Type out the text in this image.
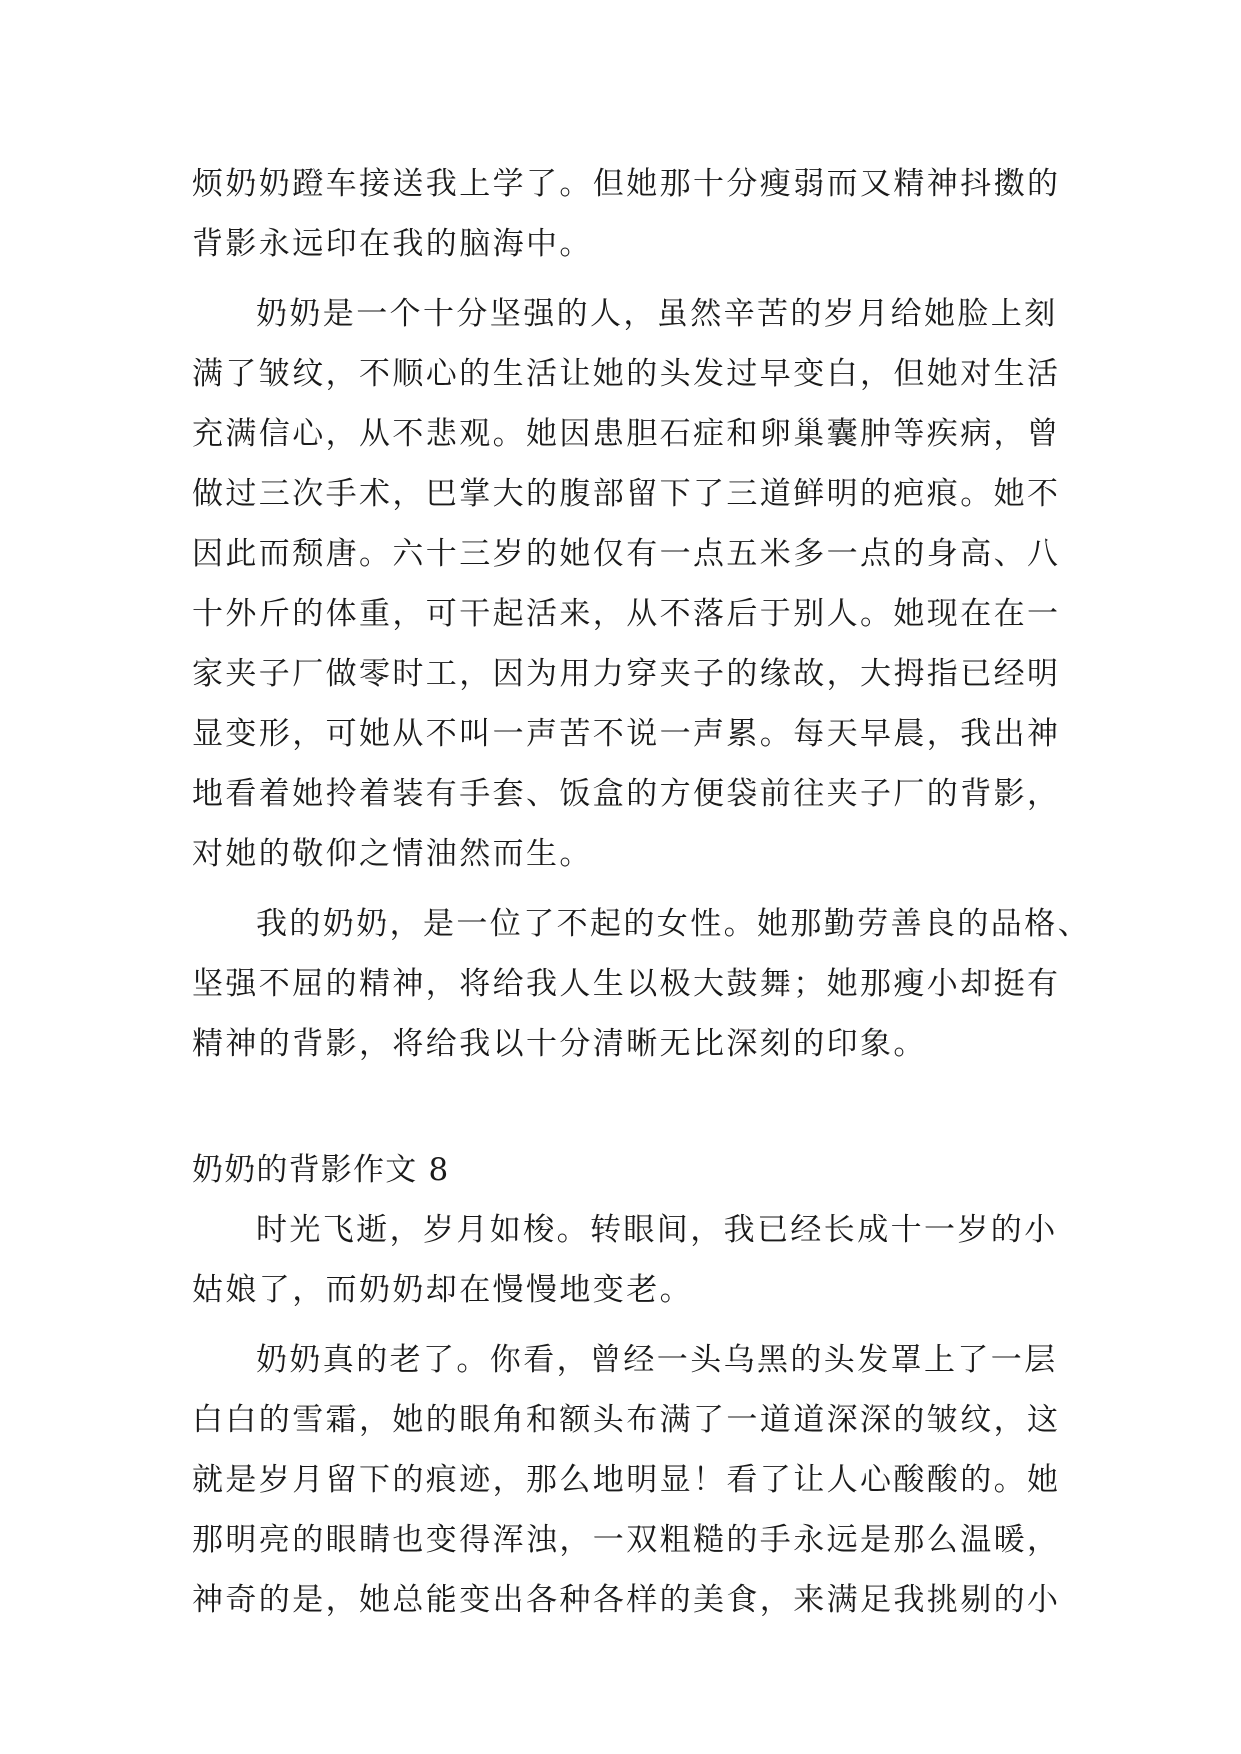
烦奶奶蹬车接送我上学了。但她那十分瘦弱而又精神抖擞的
背影永远印在我的脑海中。
奶奶是一个十分坚强的人，虽然辛苦的岁月给她脸上刻
满了皱纹，不顺心的生活让她的头发过早变白，但她对生活
充满信心，从不悲观。她因患胆石症和卵巢囊肿等疾病，曾
做过三次手术，巴掌大的腹部留下了三道鲜明的疤痕。她不
因此而颓唐。六十三岁的她仅有一点五米多一点的身高、八
十外斤的体重，可干起活来，从不落后于别人。她现在在一
家夹子厂做零时工，因为用力穿夹子的缘故，大拇指已经明
显变形，可她从不叫一声苦不说一声累。每天早晨，我出神
地看着她拎着装有手套、饭盒的方便袋前往夹子厂的背影，
对她的敬仰之情油然而生。
我的奶奶，是一位了不起的女性。她那勤劳善良的品格、
坚强不屈的精神，将给我人生以极大鼓舞；她那瘦小却挺有
精神的背影，将给我以十分清晰无比深刻的印象。
奶奶的背影作文 8
时光飞逝，岁月如梭。转眼间，我已经长成十一岁的小
姑娘了，而奶奶却在慢慢地变老。
奶奶真的老了。你看，曾经一头乌黑的头发罩上了一层
白白的雪霜，她的眼角和额头布满了一道道深深的皱纹，这
就是岁月留下的痕迹，那么地明显！看了让人心酸酸的。她
那明亮的眼睛也变得浑浊，一双粗糙的手永远是那么温暖，
神奇的是，她总能变出各种各样的美食，来满足我挑剔的小
